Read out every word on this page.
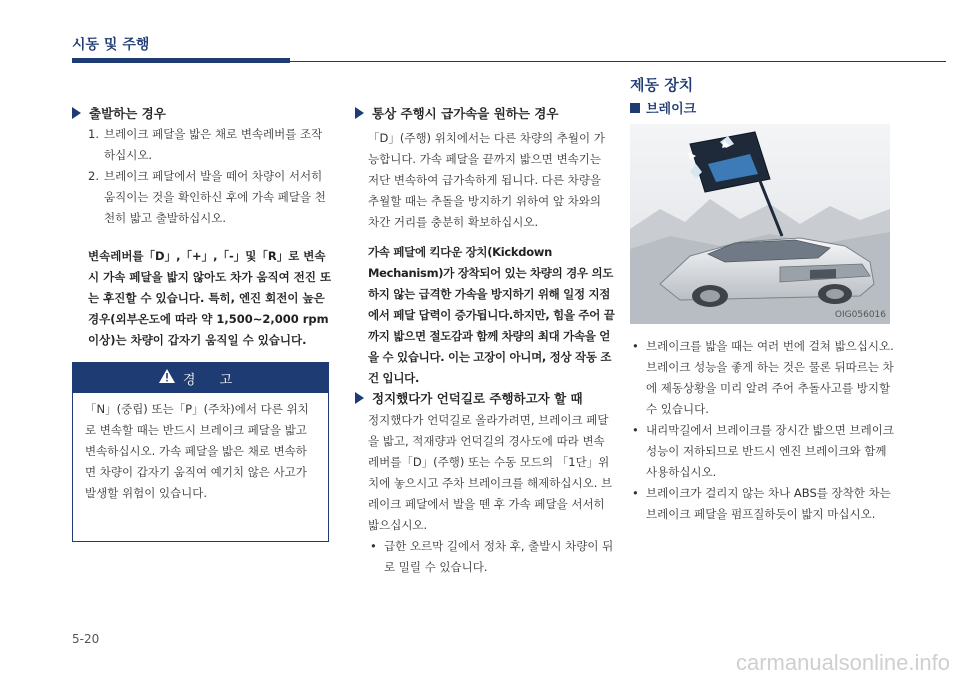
시동 및 주행
출발하는 경우
1. 브레이크 페달을 밟은 채로 변속레버를 조작하십시오.
2. 브레이크 페달에서 발을 떼어 차량이 서서히 움직이는 것을 확인하신 후에 가속 페달을 천천히 밟고 출발하십시오.
변속레버를「D」,「+」,「-」및「R」로 변속 시 가속 페달을 밟지 않아도 차가 움직여 전진 또는 후진할 수 있습니다. 특히, 엔진 회전이 높은 경우(외부온도에 따라 약 1,500~2,000 rpm 이상)는 차량이 갑자기 움직일 수 있습니다.
경 고
「N」(중립) 또는「P」(주차)에서 다른 위치로 변속할 때는 반드시 브레이크 페달을 밟고 변속하십시오. 가속 페달을 밟은 채로 변속하면 차량이 갑자기 움직여 예기치 않은 사고가 발생할 위험이 있습니다.
통상 주행시 급가속을 원하는 경우
「D」(주행) 위치에서는 다른 차량의 추월이 가능합니다. 가속 페달을 끝까지 밟으면 변속기는 저단 변속하여 급가속하게 됩니다. 다른 차량을 추월할 때는 추돌을 방지하기 위하여 앞 차와의 차간 거리를 충분히 확보하십시오.
가속 페달에 킥다운 장치(Kickdown Mechanism)가 장착되어 있는 차량의 경우 의도하지 않는 급격한 가속을 방지하기 위해 일정 지점에서 페달 답력이 증가됩니다.하지만, 힘을 주어 끝까지 밟으면 절도감과 함께 차량의 최대 가속을 얻을 수 있습니다. 이는 고장이 아니며, 정상 작동 조건 입니다.
정지했다가 언덕길로 주행하고자 할 때
정지했다가 언덕길로 올라가려면, 브레이크 페달을 밟고, 적재량과 언덕길의 경사도에 따라 변속레버를「D」(주행) 또는 수동 모드의 「1단」위치에 놓으시고 주차 브레이크를 해제하십시오. 브레이크 페달에서 발을 뗀 후 가속 페달을 서서히 밟으십시오.
• 급한 오르막 길에서 정차 후, 출발시 차량이 뒤로 밀릴 수 있습니다.
제동 장치
브레이크
OIG056016
• 브레이크를 밟을 때는 여러 번에 걸쳐 밟으십시오. 브레이크 성능을 좋게 하는 것은 물론 뒤따르는 차에 제동상황을 미리 알려 주어 추돌사고를 방지할 수 있습니다.
• 내리막길에서 브레이크를 장시간 밟으면 브레이크 성능이 저하되므로 반드시 엔진 브레이크와 함께 사용하십시오.
• 브레이크가 걸리지 않는 차나 ABS를 장착한 차는 브레이크 페달을 펌프질하듯이 밟지 마십시오.
5-20
carmanualsonline.info
